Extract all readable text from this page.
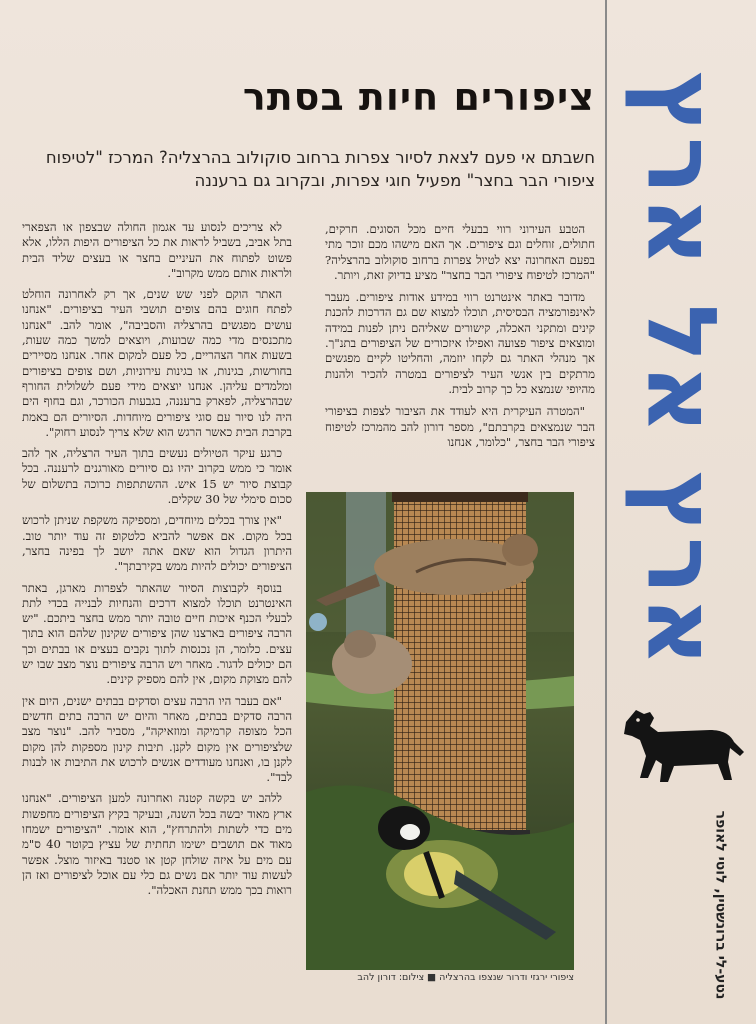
ארץ אל ארץ
נטע-לי ברונשטין, לוטי לאופר
ציפורים חיות בסתר

חשבתם אי פעם לצאת לסיור צפרות ברחוב סוקולוב בהרצליה? המרכז "לטיפוח ציפורי הבר בחצר" מפעיל חוגי צפרות, ובקרוב גם ברעננה

הטבע העירוני רווי בבעלי חיים מכל הסוגים. חרקים, חתולים, זוחלים וגם ציפורים. אך האם מישהו מכם זוכר מתי בפעם האחרונה יצא לטיול צפרות ברחוב סוקולוב בהרצליה? "המרכז לטיפוח ציפורי הבר בחצר" מציע בדיוק זאת, ויותר.

מדובר באתר אינטרנט רווי במידע אודות ציפורים. מעבר לאינפורמציה הבסיסית, תוכלו למצוא שם גם הדרכות להכנת קינים ומתקני האכלה, קישורים שאליהם ניתן לפנות במידה ומוצאים ציפור פצועה ואפילו איזכורים של הציפורים בתנ"ך. אך מנהלי האתר גם לקחו יוזמה, והחליטו לקיים מפגשים מרתקים בין אנשי העיר לציפורים במטרה להכיר ולהנות מהיופי שנמצא כל כך קרוב לבית.

"המטרה העיקרית היא לעודד את הציבור לצפות בציפורי הבר שנמצאים בקרבתם", מספר דורון להב מהמרכז לטיפוח ציפורי הבר בחצר, "כלומר, אנחנו

לא צריכים לנסוע עד אגמון החולה שבצפון או הצפארי בתל אביב, בשביל לראות את כל הציפורים היפות הללו, אלא פשוט לפתוח את העיניים בחצר או בעצים שליד הבית ולראות אותם ממש מקרוב".

האתר הוקם לפני שש שנים, אך רק לאחרונה הוחלט לפתח חוגים בהם צופים תושבי העיר בציפורים. "אנחנו עושים מפגשים בהרצליה והסביבה", אומר להב. "אנחנו מתכנסים מדי כמה שבועות, ויוצאים למשך כמה שעות, בשעות אחר הצהריים, כל פעם למקום אחר. אנחנו מסיירים בחורשות, בגינות, או בגינות עירוניות, ושם צופים בציפורים ומלמדים עליהן. אנחנו יוצאים מידי פעם לשלולית החורף שבהרצליה, לפארק ברעננה, בגבעות הכורכר, וגם בחוף הים היה לנו סיור עם סוגי ציפורים מיוחדות. הסיורים הם באמת בקרבת הבית כאשר הרגש הוא שלא צריך לנסוע רחוק".

כרגע עיקר הטיולים נעשים בתוך העיר הרצליה, אך להב אומר כי ממש בקרוב יהיו גם סיורים מאורגנים לרעננה. בכל קבוצת סיור יש 15 איש. ההשתתפות כרוכה בתשלום של סכום סימלי של 30 שקלים.

"אין צורך בכלים מיוחדים, ומספיקה משקפת שניתן לרכוש בכל מקום. אם אפשר להביא כלטקופ זה עוד יותר טוב. היתרון הגדול הוא שאם אתה יושב לך בפינה בחצר, הציפורים יכולים להיות ממש בקירבתך".

בנוסף לקבוצות הסיור שהאתר לצפרות מארגן, באתר האינטרנט תוכלו למצוא דרכים והנחיות לבנייה בכדי לתת לבעלי הכנף איכות חיים טובה יותר ממש בחצר ביתכם. "יש הרבה ציפורים בארצנו שהן ציפורים שקינון שלהם הוא בתוך עצים. כלומר, הן נכנסות לתוך נקבים בעצים או בבתים וכך הם יכולים לדגור. מאחר ויש הרבה ציפורים נוצר מצב שבו יש להם מצוקת מקום, אין להם מספיק קינים.

"אם בעבר היו הרבה עצים וסדקים בבתים ישנים, היום אין הרבה סדקים בבתים, מאחר והיום יש הרבה בתים חדשים הכל מצופה קרמיקה ומוזאיקה", מסביר להב. "נוצר מצב שלציפורים אין מקום לקנן. תיבות קינון מספקות להן מקום לקנן בו, ואנחנו מעודדים אנשים לרכוש את התיבות או לבנות לבד".

ללהב יש בקשה קטנה ואחרונה למען הציפורים. "אנחנו ארץ מאוד יבשה בכל השנה, ובעיקר בקיץ הציפורים מחפשות מים כדי לשתות ולהתרחץ", הוא אומר. "הציפורים ישמחו מאוד אם תושבים ישימו תחתית של עציץ בקוטר 40 ס"מ עם מים על איזה שולחן קטן או סטנד באיזור מוצל. אפשר לעשות עוד יותר אם נשים גם כלי עם אוכל לציפורים ואז הן רואות בכך ממש תחנת האכלה".

ציפורי ירגזי ודרור שנצפו בהרצליה ■ צילום: דורון להב
